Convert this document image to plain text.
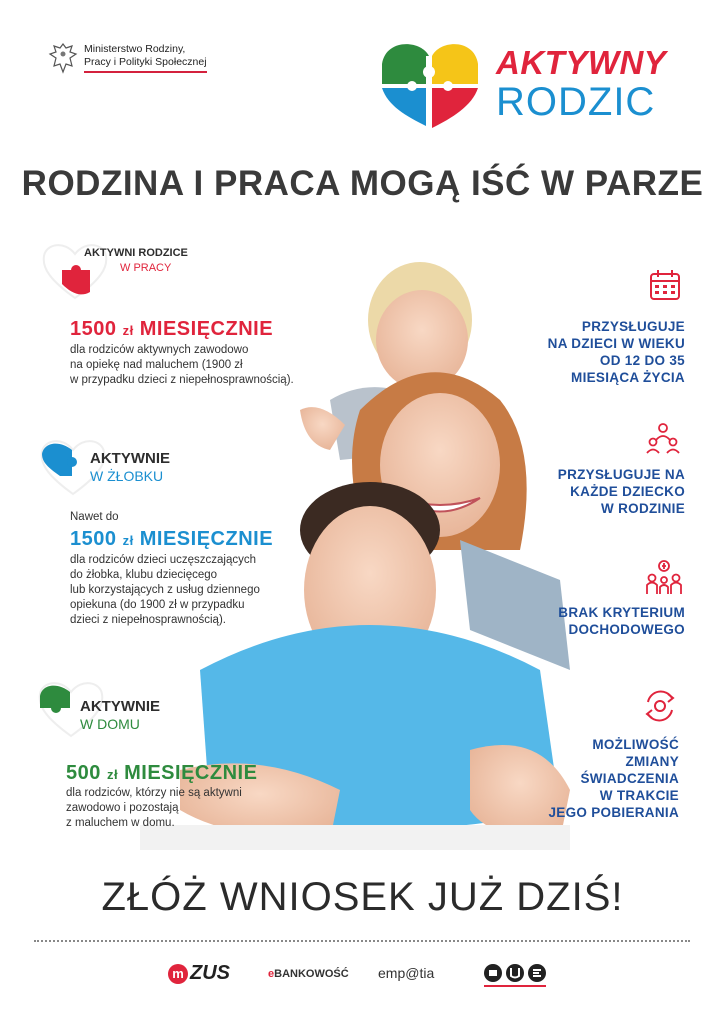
Ministerstwo Rodziny,
Pracy i Polityki Społecznej	AKTYWNY
RODZIC
RODZINA I PRACA MOGĄ IŚĆ W PARZE
AKTYWNI RODZICE
W PRACY
1500 zł MIESIĘCZNIE
dla rodziców aktywnych zawodowo
na opiekę nad maluchem (1900 zł
w przypadku dzieci z niepełnosprawnością).
AKTYWNIE
W ŻŁOBKU
Nawet do
1500 zł MIESIĘCZNIE
dla rodziców dzieci uczęszczających
do żłobka, klubu dziecięcego
lub korzystających z usług dziennego
opiekuna (do 1900 zł w przypadku
dzieci z niepełnosprawnością).
AKTYWNIE
W DOMU
500 zł MIESIĘCZNIE
dla rodziców, którzy nie są aktywni
zawodowo i pozostają
z maluchem w domu.
PRZYSŁUGUJE
NA DZIECI W WIEKU
OD 12 DO 35
MIESIĄCA ŻYCIA
PRZYSŁUGUJE NA
KAŻDE DZIECKO
W RODZINIE
BRAK KRYTERIUM
DOCHODOWEGO
MOŻLIWOŚĆ
ZMIANY
ŚWIADCZENIA
W TRAKCIE
JEGO POBIERANIA
ZŁÓŻ WNIOSEK JUŻ DZIŚ!
m ZUS	eBANKOWOŚĆ emp@tia
